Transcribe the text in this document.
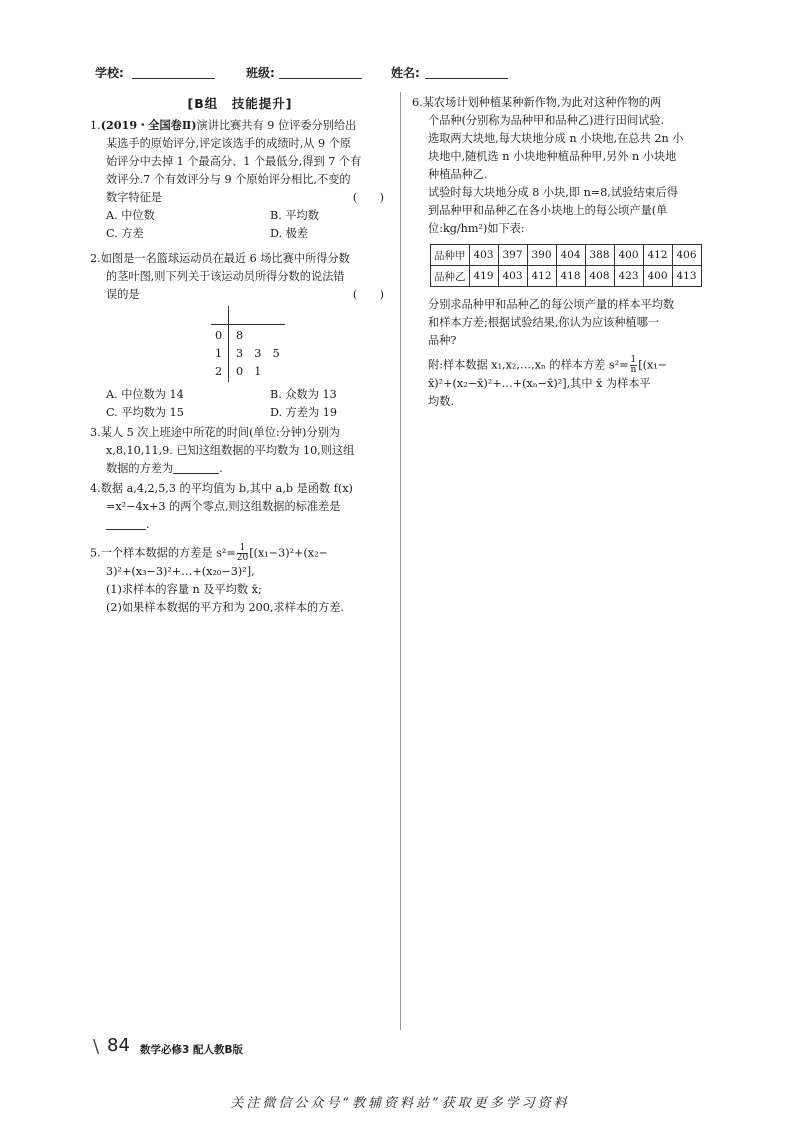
学校:	班级:	姓名:
[B组　技能提升]

1.(2019・全国卷Ⅱ)演讲比赛共有 9 位评委分别给出

某选手的原始评分,评定该选手的成绩时,从 9 个原

始评分中去掉 1 个最高分、1 个最低分,得到 7 个有

效评分.7 个有效评分与 9 个原始评分相比,不变的

数字特征是	(　　)

A. 中位数	B. 平均数
C. 方差	D. 极差

2.如图是一名篮球运动员在最近 6 场比赛中所得分数

的茎叶图,则下列关于该运动员所得分数的说法错

误的是	(　　)

0 8
1 3　3　5
2 0　1
A. 中位数为 14	B. 众数为 13
C. 平均数为 15	D. 方差为 19

3.某人 5 次上班途中所花的时间(单位:分钟)分别为

x,8,10,11,9. 已知这组数据的平均数为 10,则这组

数据的方差为	.

4.数据 a,4,2,5,3 的平均值为 b,其中 a,b 是函数 f(x)

=x²−4x+3 的两个零点,则这组数据的标准差是

.

5.一个样本数据的方差是 $s^2= \frac{1}{20} [(x_1-3)^2+(x_2-$

3)²+(x₃−3)²+…+(x₂₀−3)²],

(1)求样本的容量 n 及平均数 x̄;

(2)如果样本数据的平方和为 200,求样本的方差.

6.某农场计划种植某种新作物,为此对这种作物的两

个品种(分别称为品种甲和品种乙)进行田间试验.

选取两大块地,每大块地分成 n 小块地,在总共 2n 小

块地中,随机选 n 小块地种植品种甲,另外 n 小块地

种植品种乙.

试验时每大块地分成 8 小块,即 n=8,试验结束后得

到品种甲和品种乙在各小块地上的每公顷产量(单

位:kg/hm²)如下表:

品种甲	403	397	390	404	388	400	412	406
品种乙	419	403	412	418	408	423	400	413

分别求品种甲和品种乙的每公顷产量的样本平均数

和样本方差;根据试验结果,你认为应该种植哪一

品种?

附:样本数据 x₁,x₂,…,xₙ 的样本方差 $s^2= \frac{1}{n} [(x_1-$

x̄)²+(x₂−x̄)²+…+(xₙ−x̄)²],其中 x̄ 为样本平

均数.

\ 84 数学必修3 配人教B版
关注微信公众号“教辅资料站”获取更多学习资料
